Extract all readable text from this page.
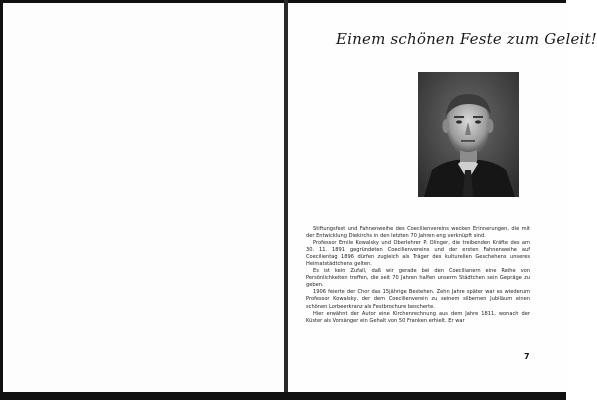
Einem schönen Feste zum Geleit!

Stiftungsfest und Fahnenweihe des Coecilienvereins wecken Erinnerungen, die mit der Entwicklung Diekirchs in den letzten 70 Jahren eng verknüpft sind.

Professor Emile Kowalsky und Oberlehrer P. Olinger, die treibenden Kräfte des am 30. 11. 1891 gegründeten Coecilienvereins und der ersten Fahnenweihe auf Coecilientag 1896 dürfen zugleich als Träger des kulturellen Geschehens unseres Heimatstädtchens gelten.

Es ist kein Zufall, daß wir gerade bei den Coecilianern eine Reihe von Persönlichkeiten treffen, die seit 70 Jahren halfen unserm Städtchen sein Gepräge zu geben.

1906 feierte der Chor das 15jährige Bestehen. Zehn Jahre später war es wiederum Professor Kowalsky, der dem Coecilienverein zu seinem silbernen Jubiläum einen schönen Lorbeerkranz als Festbrochure bescherte.

Hier erwähnt der Autor eine Kirchenrechnung aus dem Jahre 1811, wonach der Küster als Vorsänger ein Gehalt von 50 Franken erhielt. Er war

7
